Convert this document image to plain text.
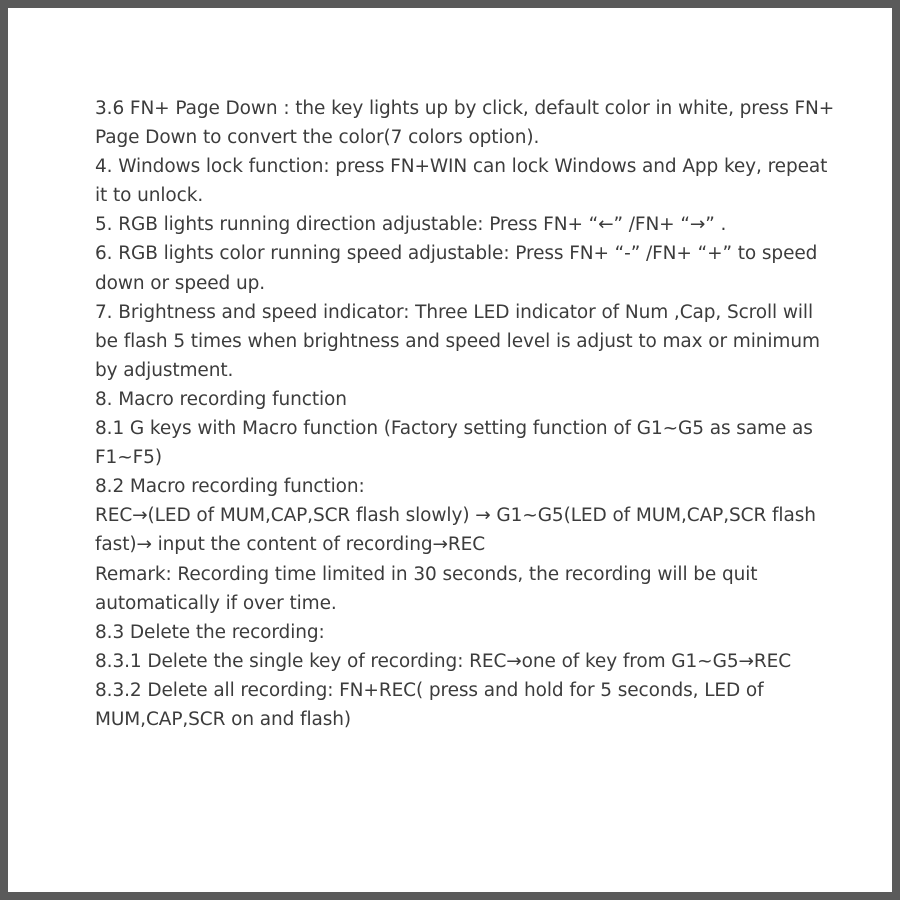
3.6 FN+ Page Down : the key lights up by click, default color in white, press FN+ Page Down to convert the color(7 colors option).
4. Windows lock function: press FN+WIN can lock Windows and App key, repeat it to unlock.
5. RGB lights running direction adjustable: Press FN+ “←” /FN+ “→” .
6. RGB lights color running speed adjustable: Press FN+ “-” /FN+ “+” to speed down or speed up.
7. Brightness and speed indicator: Three LED indicator of Num ,Cap, Scroll will be flash 5 times when brightness and speed level is adjust to max or minimum by adjustment.
8. Macro recording function
8.1 G keys with Macro function (Factory setting function of G1~G5 as same as F1~F5)
8.2 Macro recording function:
REC→(LED of MUM,CAP,SCR flash slowly) → G1~G5(LED of MUM,CAP,SCR flash fast)→ input the content of recording→REC
Remark: Recording time limited in 30 seconds, the recording will be quit automatically if over time.
8.3 Delete the recording:
8.3.1 Delete the single key of recording: REC→one of key from G1~G5→REC
8.3.2 Delete all recording: FN+REC( press and hold for 5 seconds, LED of MUM,CAP,SCR on and flash)
